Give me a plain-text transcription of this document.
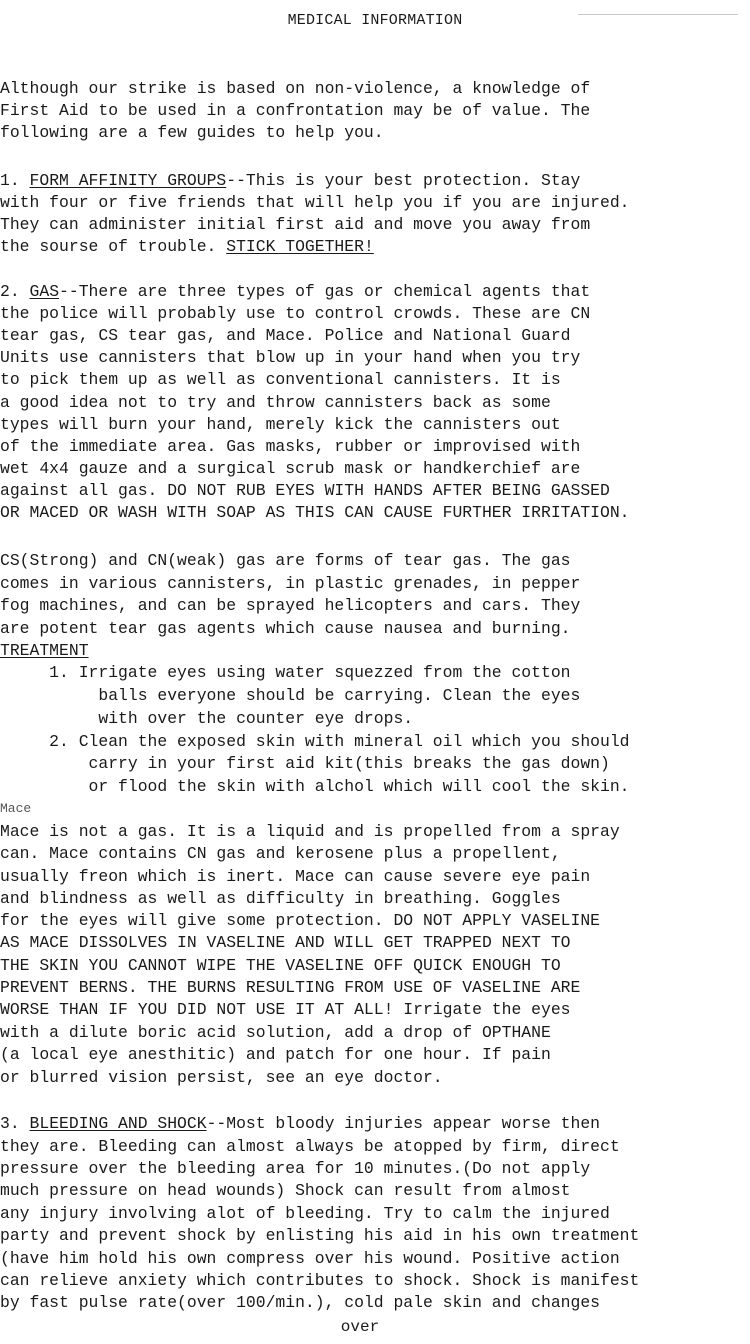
MEDICAL INFORMATION
Although our strike is based on non-violence, a knowledge of
First Aid to be used in a confrontation may be of value. The
following are a few guides to help you.
1. FORM AFFINITY GROUPS--This is your best protection. Stay
with four or five friends that will help you if you are injured.
They can administer initial first aid and move you away from
the sourse of trouble. STICK TOGETHER!
2. GAS--There are three types of gas or chemical agents that
the police will probably use to control crowds. These are CN
tear gas, CS tear gas, and Mace. Police and National Guard
Units use cannisters that blow up in your hand when you try
to pick them up as well as conventional cannisters. It is
a good idea not to try and throw cannisters back as some
types will burn your hand, merely kick the cannisters out
of the immediate area. Gas masks, rubber or improvised with
wet 4x4 gauze and a surgical scrub mask or handkerchief are
against all gas. DO NOT RUB EYES WITH HANDS AFTER BEING GASSED
OR MACED OR WASH WITH SOAP AS THIS CAN CAUSE FURTHER IRRITATION.
CS(Strong) and CN(weak) gas are forms of tear gas. The gas
comes in various cannisters, in plastic grenades, in pepper
fog machines, and can be sprayed helicopters and cars. They
are potent tear gas agents which cause nausea and burning.
TREATMENT
1. Irrigate eyes using water squezzed from the cotton
balls everyone should be carrying. Clean the eyes
with over the counter eye drops.
2. Clean the exposed skin with mineral oil which you should
carry in your first aid kit(this breaks the gas down)
or flood the skin with alchol which will cool the skin.
Mace
Mace is not a gas. It is a liquid and is propelled from a spray
can. Mace contains CN gas and kerosene plus a propellent,
usually freon which is inert. Mace can cause severe eye pain
and blindness as well as difficulty in breathing. Goggles
for the eyes will give some protection. DO NOT APPLY VASELINE
AS MACE DISSOLVES IN VASELINE AND WILL GET TRAPPED NEXT TO
THE SKIN YOU CANNOT WIPE THE VASELINE OFF QUICK ENOUGH TO
PREVENT BERNS. THE BURNS RESULTING FROM USE OF VASELINE ARE
WORSE THAN IF YOU DID NOT USE IT AT ALL! Irrigate the eyes
with a dilute boric acid solution, add a drop of OPTHANE
(a local eye anesthitic) and patch for one hour. If pain
or blurred vision persist, see an eye doctor.
3. BLEEDING AND SHOCK--Most bloody injuries appear worse then
they are. Bleeding can almost always be atopped by firm, direct
pressure over the bleeding area for 10 minutes.(Do not apply
much pressure on head wounds) Shock can result from almost
any injury involving alot of bleeding. Try to calm the injured
party and prevent shock by enlisting his aid in his own treatment
(have him hold his own compress over his wound. Positive action
can relieve anxiety which contributes to shock. Shock is manifest
by fast pulse rate(over 100/min.), cold pale skin and changes
over
